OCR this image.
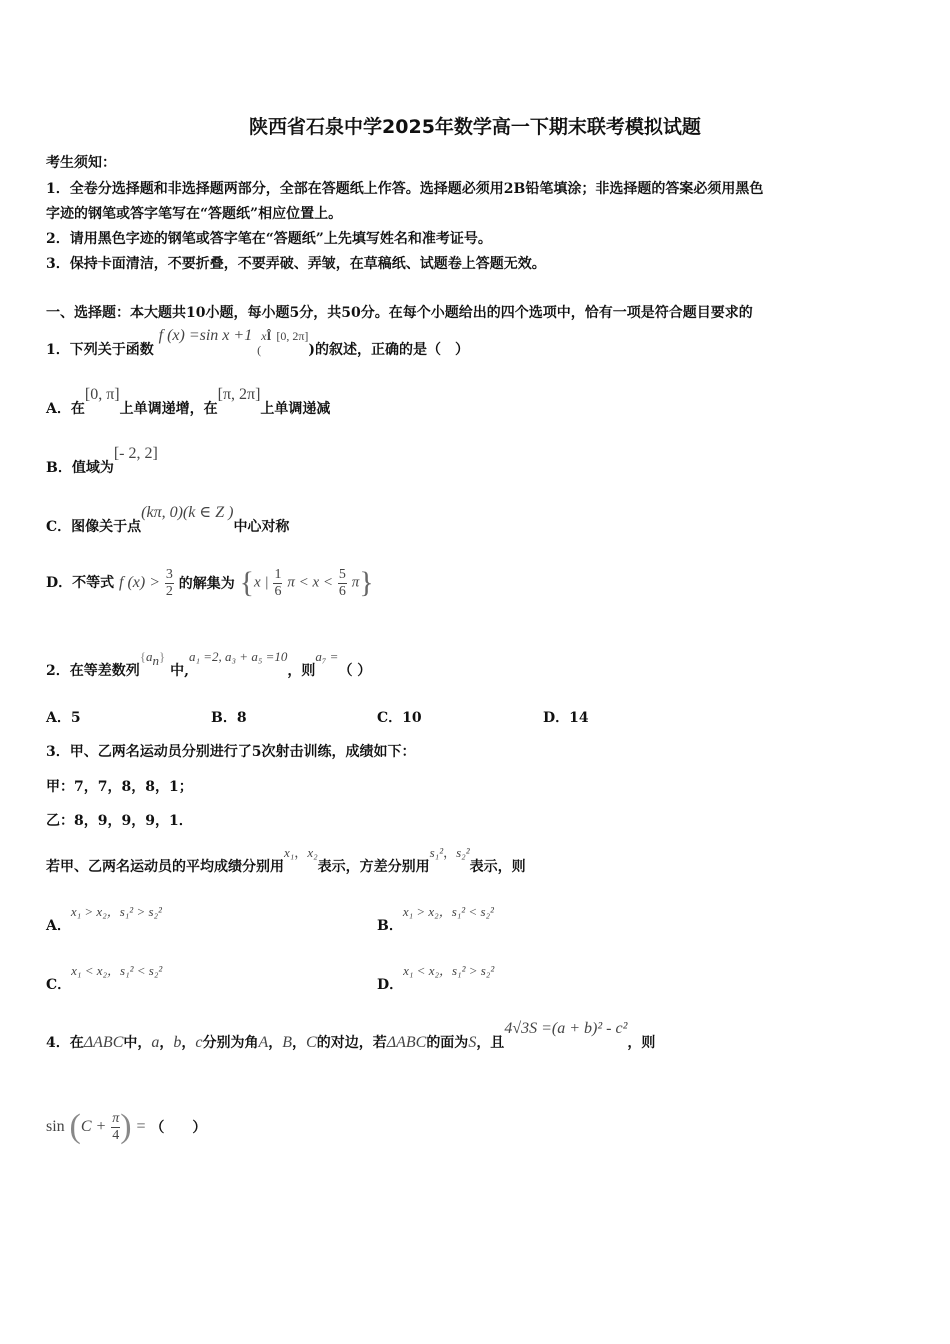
陕西省石泉中学2025年数学高一下期末联考模拟试题
考生须知：
1．全卷分选择题和非选择题两部分，全部在答题纸上作答。选择题必须用2B铅笔填涂；非选择题的答案必须用黑色
字迹的钢笔或答字笔写在“答题纸”相应位置上。
2．请用黑色字迹的钢笔或答字笔在“答题纸”上先填写姓名和准考证号。
3．保持卡面清洁，不要折叠，不要弄破、弄皱，在草稿纸、试题卷上答题无效。
一、选择题：本大题共10小题，每小题5分，共50分。在每个小题给出的四个选项中，恰有一项是符合题目要求的
1．下列关于函数 f (x) =sin x +1 (xÎ [0, 2π])的叙述，正确的是（　）
A．在[0, π]上单调递增，在[π, 2π]上单调递减
B．值域为[- 2, 2]
C．图像关于点(kπ, 0)(k ∈ Z )中心对称
D．不等式 f $(x) > \frac{3}{2}$ 的解集为 {x | $\frac{1}{6}$ $\pi < x < \frac{5}{6} \pi$}
2．在等差数列{an} 中,a₁ =2, a₃ + a₅ =10，则a₇ =（ ）
A．5	B．8	C．10	D．14
3．甲、乙两名运动员分别进行了5次射击训练，成绩如下：
甲：7，7，8，8，1；
乙：8，9，9，9，1．
若甲、乙两名运动员的平均成绩分别用x₁，x₂表示，方差分别用s₁²，s₂²表示，则
A．x₁ > x₂，s₁² > s₂²
B．x₁ > x₂，s₁² < s₂²
C．x₁ < x₂，s₁² < s₂²
D．x₁ < x₂，s₁² > s₂²
4．在ΔABC中，a，b，c分别为角A，B，C的对边，若ΔABC的面为S，且4√3S =(a + b)² - c²，则
$\sin (C + \frac{\pi}{4}$ ) = （　　）
